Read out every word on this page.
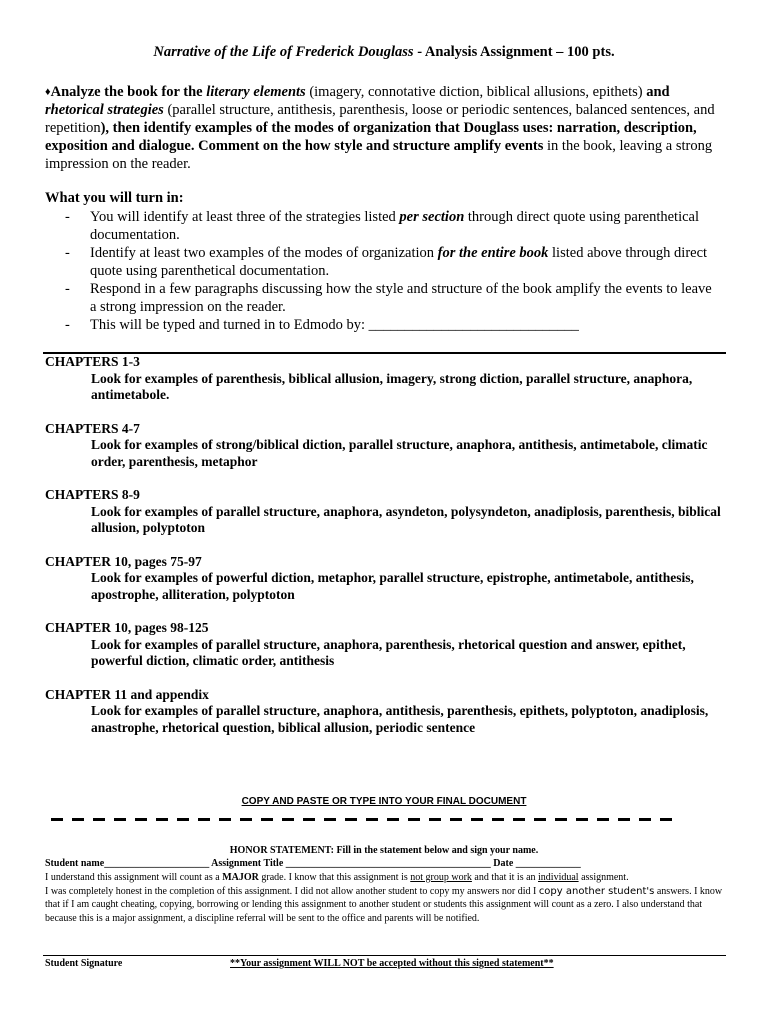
Narrative of the Life of Frederick Douglass - Analysis Assignment – 100 pts.
♦Analyze the book for the literary elements (imagery, connotative diction, biblical allusions, epithets) and
rhetorical strategies (parallel structure, antithesis, parenthesis, loose or periodic sentences, balanced sentences, and repetition), then identify examples of the modes of organization that Douglass uses: narration, description, exposition and dialogue. Comment on the how style and structure amplify events in the book, leaving a strong impression on the reader.
What you will turn in:
- You will identify at least three of the strategies listed per section through direct quote using parenthetical documentation.
- Identify at least two examples of the modes of organization for the entire book listed above through direct quote using parenthetical documentation.
- Respond in a few paragraphs discussing how the style and structure of the book amplify the events to leave a strong impression on the reader.
- This will be typed and turned in to Edmodo by: _____________________________
CHAPTERS 1-3
Look for examples of parenthesis, biblical allusion, imagery, strong diction, parallel structure, anaphora, antimetabole.
CHAPTERS 4-7
Look for examples of strong/biblical diction, parallel structure, anaphora, antithesis, antimetabole, climatic order, parenthesis, metaphor
CHAPTERS 8-9
Look for examples of parallel structure, anaphora, asyndeton, polysyndeton, anadiplosis, parenthesis, biblical allusion, polyptoton
CHAPTER 10, pages 75-97
Look for examples of powerful diction, metaphor, parallel structure, epistrophe, antimetabole, antithesis, apostrophe, alliteration, polyptoton
CHAPTER 10, pages 98-125
Look for examples of parallel structure, anaphora, parenthesis, rhetorical question and answer, epithet, powerful diction, climatic order, antithesis
CHAPTER 11 and appendix
Look for examples of parallel structure, anaphora, antithesis, parenthesis, epithets, polyptoton, anadiplosis, anastrophe, rhetorical question, biblical allusion, periodic sentence
COPY AND PASTE OR TYPE INTO YOUR FINAL DOCUMENT
HONOR STATEMENT: Fill in the statement below and sign your name.
Student name_____________________ Assignment Title _________________________________________ Date _____________
I understand this assignment will count as a MAJOR grade. I know that this assignment is not group work and that it is an individual assignment.
I was completely honest in the completion of this assignment. I did not allow another student to copy my answers nor did I copy another student's answers. I know that if I am caught cheating, copying, borrowing or lending this assignment to another student or students this assignment will count as a zero. I also understand that because this is a major assignment, a discipline referral will be sent to the office and parents will be notified.
Student Signature	**Your assignment WILL NOT be accepted without this signed statement**
